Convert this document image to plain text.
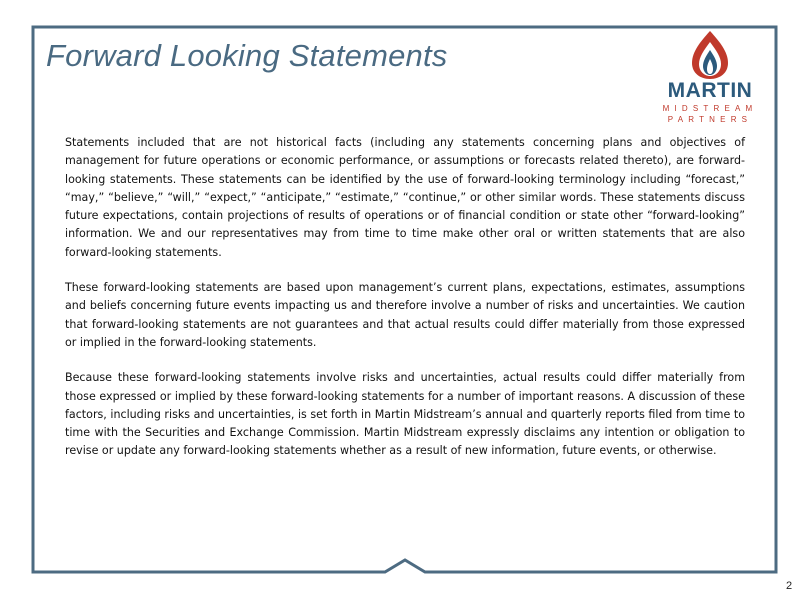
Forward Looking Statements
MARTIN
MIDSTREAM
PARTNERS

Statements included that are not historical facts (including any statements concerning plans and objectives of management for future operations or economic performance, or assumptions or forecasts related thereto), are forward-looking statements. These statements can be identified by the use of forward-looking terminology including “forecast,” “may,” “believe,” “will,” “expect,” “anticipate,” “estimate,” “continue,” or other similar words. These statements discuss future expectations, contain projections of results of operations or of financial condition or state other “forward-looking” information. We and our representatives may from time to time make other oral or written statements that are also forward-looking statements.

These forward-looking statements are based upon management’s current plans, expectations, estimates, assumptions and beliefs concerning future events impacting us and therefore involve a number of risks and uncertainties. We caution that forward-looking statements are not guarantees and that actual results could differ materially from those expressed or implied in the forward-looking statements.

Because these forward-looking statements involve risks and uncertainties, actual results could differ materially from those expressed or implied by these forward-looking statements for a number of important reasons. A discussion of these factors, including risks and uncertainties, is set forth in Martin Midstream’s annual and quarterly reports filed from time to time with the Securities and Exchange Commission. Martin Midstream expressly disclaims any intention or obligation to revise or update any forward-looking statements whether as a result of new information, future events, or otherwise.

2
